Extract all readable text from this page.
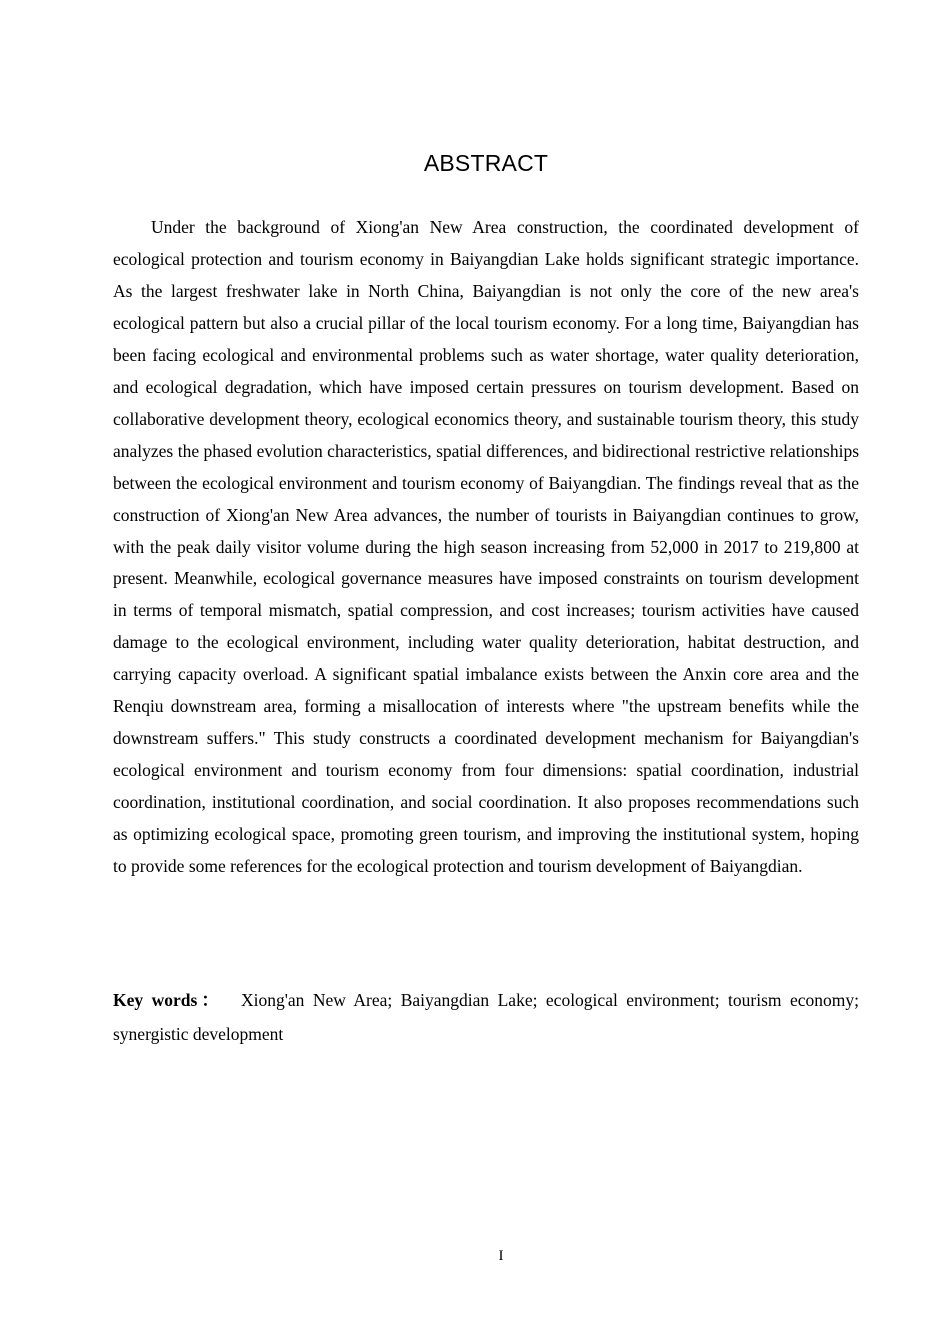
ABSTRACT

Under the background of Xiong'an New Area construction, the coordinated development of ecological protection and tourism economy in Baiyangdian Lake holds significant strategic importance. As the largest freshwater lake in North China, Baiyangdian is not only the core of the new area's ecological pattern but also a crucial pillar of the local tourism economy. For a long time, Baiyangdian has been facing ecological and environmental problems such as water shortage, water quality deterioration, and ecological degradation, which have imposed certain pressures on tourism development. Based on collaborative development theory, ecological economics theory, and sustainable tourism theory, this study analyzes the phased evolution characteristics, spatial differences, and bidirectional restrictive relationships between the ecological environment and tourism economy of Baiyangdian. The findings reveal that as the construction of Xiong'an New Area advances, the number of tourists in Baiyangdian continues to grow, with the peak daily visitor volume during the high season increasing from 52,000 in 2017 to 219,800 at present. Meanwhile, ecological governance measures have imposed constraints on tourism development in terms of temporal mismatch, spatial compression, and cost increases; tourism activities have caused damage to the ecological environment, including water quality deterioration, habitat destruction, and carrying capacity overload. A significant spatial imbalance exists between the Anxin core area and the Renqiu downstream area, forming a misallocation of interests where "the upstream benefits while the downstream suffers." This study constructs a coordinated development mechanism for Baiyangdian's ecological environment and tourism economy from four dimensions: spatial coordination, industrial coordination, institutional coordination, and social coordination. It also proposes recommendations such as optimizing ecological space, promoting green tourism, and improving the institutional system, hoping to provide some references for the ecological protection and tourism development of Baiyangdian.

Key words： Xiong'an New Area; Baiyangdian Lake; ecological environment; tourism economy; synergistic development

I
